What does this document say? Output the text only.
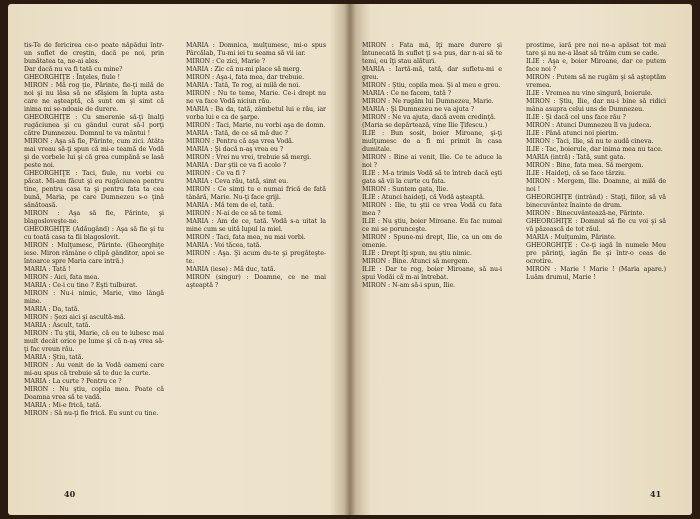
tis-Te de fericirea ce-o poate năpădui într-un suflet de creştin, dacă pe noi, prin bunătatea ta, ne-ai ales.

Dar dacă nu va fi tată cu mine?

GHEORGHIŢE : Înţeles, fiule !

MIRON : Mă rog ţie, Părinte, fie-ţi milă de noi şi nu lăsa să ne sfâşiem în lupta asta care ne aşteaptă, că sunt om şi simt că inima mi se-ndoaie de durere.

GHEORGHIŢE : Cu smerenie să-ţi înalţi rugăciunea şi cu gândul curat să-l porţi către Dumnezeu. Domnul te va mântui !

MIRON : Aşa să fie, Părinte, cum zici. Atâta mai vreau să-ţi spun că mi-e teamă de Vodă şi de vorbele lui şi că grea cumpănă se lasă peste noi.

GHEORGHIŢE : Taci, fiule, nu vorbi cu păcat. Mi-am făcut şi eu rugăciunea pentru tine, pentru casa ta şi pentru fata ta cea bună, Maria, pe care Dumnezeu s-o ţină sănătoasă.

MIRON : Aşa să fie, Părinte, şi blagosloveşte-ne.

GHEORGHIŢE (Adăugând) : Aşa să fie şi tu cu toată casa ta fii blagoslovit.

MIRON : Mulţumesc, Părinte. (Gheorghiţe iese. Miron rămâne o clipă gânditor, apoi se întoarce spre Maria care intră.)

MARIA : Tată !

MIRON : Aici, fata mea.

MARIA : Ce-i cu tine ? Eşti tulburat.

MIRON : Nu-i nimic, Marie, vino lângă mine.

MARIA : Da, tată.

MIRON : Şezi aici şi ascultă-mă.

MARIA : Ascult, tată.

MIRON : Tu ştii, Marie, că eu te iubesc mai mult decât orice pe lume şi că n-aş vrea să-ţi fac vreun rău.

MARIA : Ştiu, tată.

MIRON : Au venit de la Vodă oameni care mi-au spus că trebuie să te duc la curte.

MARIA : La curte ? Pentru ce ?

MIRON : Nu ştiu, copila mea. Poate că Doamna vrea să te vadă.

MARIA : Mi-e frică, tată.

MIRON : Să nu-ţi fie frică. Eu sunt cu tine.

MARIA : Domnica, mulţumesc, mi-o spus Pârcălab, Tu-mi iei tu seama să vii iar.

MIRON : Ce zici, Marie ?

MARIA : Zic că nu-mi place să merg.

MIRON : Aşa-i, fata mea, dar trebuie.

MARIA : Tată, Te rog, ai milă de noi.

MIRON : Nu te teme, Marie. Ce-i drept nu ne va face Vodă niciun rău.

MARIA : Ba da, tată, zâmbetul lui e rău, iar vorba lui e ca de şarpe.

MIRON : Taci, Marie, nu vorbi aşa de domn.

MARIA : Tată, de ce să mă duc ?

MIRON : Pentru că aşa vrea Vodă.

MARIA : Şi dacă n-aş vrea eu ?

MIRON : Vrei nu vrei, trebuie să mergi.

MARIA : Dar ştii ce va fi acolo ?

MIRON : Ce va fi ?

MARIA : Ceva rău, tată, simt eu.

MIRON : Ce simţi tu e numai frică de fată tânără, Marie. Nu-ţi face griji.

MARIA : Mă tem de el, tată.

MIRON : N-ai de ce să te temi.

MARIA : Am de ce, tată. Vodă s-a uitat la mine cum se uită lupul la miel.

MIRON : Taci, fata mea, nu mai vorbi.

MARIA : Voi tăcea, tată.

MIRON : Aşa. Şi acum du-te şi pregăteşte-te.

MARIA (iese) : Mă duc, tată.

MIRON (singur) : Doamne, ce ne mai aşteaptă ?

40

MIRON : Fata mă, îţi mare durere şi întunecată în suflet ţi s-a pus, dar n-ai să te temi, eu îţi stau alături.

MARIA : Iartă-mă, tată, dar sufletu-mi e greu.

MIRON : Ştiu, copila mea. Şi al meu e greu.

MARIA : Ce ne facem, tată ?

MIRON : Ne rugăm lui Dumnezeu, Marie.

MARIA : Şi Dumnezeu ne va ajuta ?

MIRON : Ne va ajuta, dacă avem credinţă.

(Maria se depărtează, vine Ilie Ţifescu.)

ILIE : Bun sosit, boier Miroane, şi-ţi mulţumesc de a fi mi primit în casa dumitale.

MIRON : Bine ai venit, Ilie. Ce te aduce la noi ?

ILIE : M-a trimis Vodă să te întreb dacă eşti gata să vii la curte cu fata.

MIRON : Suntem gata, Ilie.

ILIE : Atunci haideţi, că Vodă aşteaptă.

MIRON : Ilie, tu ştii ce vrea Vodă cu fata mea ?

ILIE : Nu ştiu, boier Miroane. Eu fac numai ce mi se porunceşte.

MIRON : Spune-mi drept, Ilie, ca un om de omenie.

ILIE : Drept îţi spun, nu ştiu nimic.

MIRON : Bine. Atunci să mergem.

ILIE : Dar te rog, boier Miroane, să nu-i spui Vodăi că m-ai întrebat.

MIRON : N-am să-i spun, Ilie.

prostime, iară pre noi ne-a apăsat tot mai tare şi nu ne-a lăsat să trăim cum se cade.

ILIE : Aşa e, boier Miroane, dar ce putem face noi ?

MIRON : Putem să ne rugăm şi să aşteptăm vremea.

ILIE : Vremea nu vine singură, boierule.

MIRON : Ştiu, Ilie, dar nu-i bine să ridici mâna asupra celui uns de Dumnezeu.

ILIE : Şi dacă cel uns face rău ?

MIRON : Atunci Dumnezeu îl va judeca.

ILIE : Până atunci noi pierim.

MIRON : Taci, Ilie, să nu te audă cineva.

ILIE : Tac, boierule, dar inima mea nu tace.

MARIA (intră) : Tată, sunt gata.

MIRON : Bine, fata mea. Să mergem.

ILIE : Haideţi, că se face târziu.

MIRON : Mergem, Ilie. Doamne, ai milă de noi !

GHEORGHIŢE (intrând) : Staţi, fiilor, să vă binecuvântez înainte de drum.

MIRON : Binecuvântează-ne, Părinte.

GHEORGHIŢE : Domnul să fie cu voi şi să vă păzească de tot răul.

MARIA : Mulţumim, Părinte.

GHEORGHIŢE : Ce-ţi iagă în numele Meu pre părinţi, iagăn fie şi într-o ceas de ocrotire.

MIRON : Marie ! Marie ! (Maria apare.) Luăm drumul, Marie !

41
